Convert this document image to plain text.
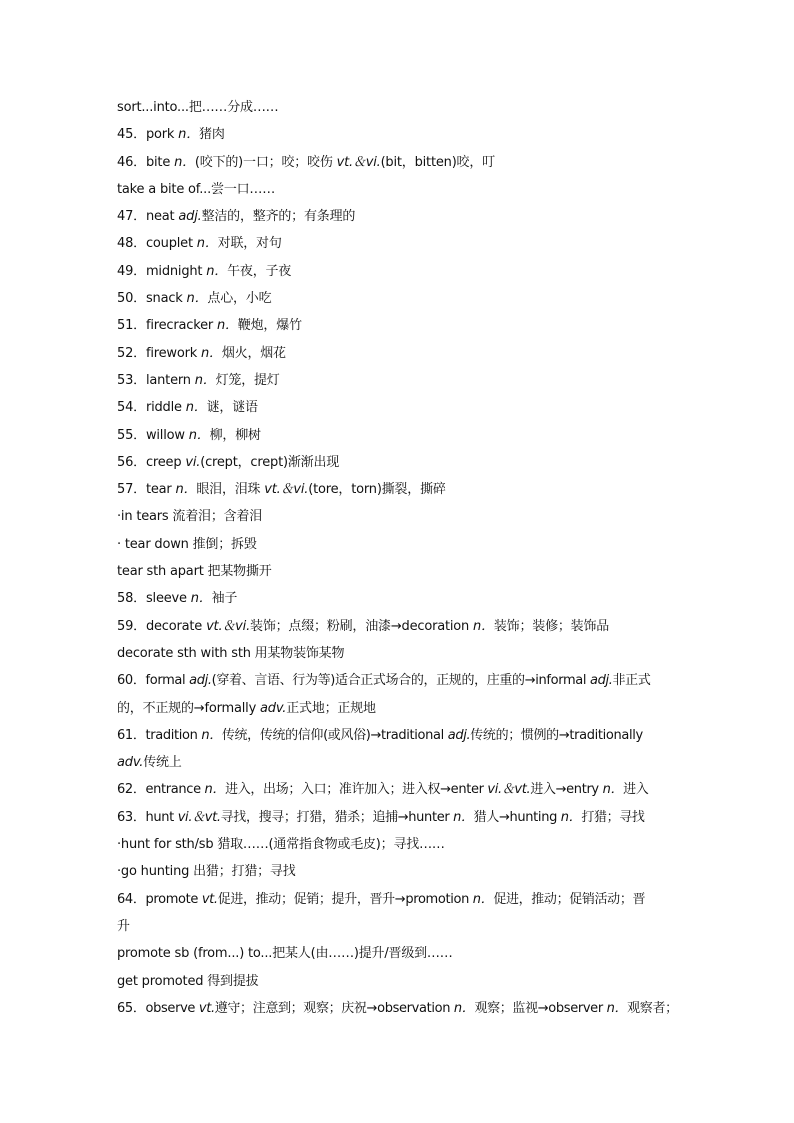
sort...into...把……分成……
45．pork n．猪肉
46．bite n．(咬下的)一口；咬；咬伤 vt.＆vi.(bit，bitten)咬，叮
take a bite of...尝一口……
47．neat adj.整洁的，整齐的；有条理的
48．couplet n．对联，对句
49．midnight n．午夜，子夜
50．snack n．点心，小吃
51．firecracker n．鞭炮，爆竹
52．firework n．烟火，烟花
53．lantern n．灯笼，提灯
54．riddle n．谜，谜语
55．willow n．柳，柳树
56．creep vi.(crept，crept)渐渐出现
57．tear n．眼泪，泪珠 vt.＆vi.(tore，torn)撕裂，撕碎
·in tears 流着泪；含着泪
· tear down 推倒；拆毁
tear sth apart 把某物撕开
58．sleeve n．袖子
59．decorate vt.＆vi.装饰；点缀；粉刷，油漆→decoration n．装饰；装修；装饰品
decorate sth with sth 用某物装饰某物
60．formal adj.(穿着、言语、行为等)适合正式场合的，正规的，庄重的→informal adj.非正式
的，不正规的→formally adv.正式地；正规地
61．tradition n．传统，传统的信仰(或风俗)→traditional adj.传统的；惯例的→traditionally
adv.传统上
62．entrance n．进入，出场；入口；准许加入；进入权→enter vi.＆vt.进入→entry n．进入
63．hunt vi.＆vt.寻找，搜寻；打猎，猎杀；追捕→hunter n．猎人→hunting n．打猎；寻找
·hunt for sth/sb 猎取……(通常指食物或毛皮)；寻找……
·go hunting 出猎；打猎；寻找
64．promote vt.促进，推动；促销；提升，晋升→promotion n．促进，推动；促销活动；晋
升
promote sb (from...) to...把某人(由……)提升/晋级到……
get promoted 得到提拔
65．observe vt.遵守；注意到；观察；庆祝→observation n．观察；监视→observer n．观察者；
